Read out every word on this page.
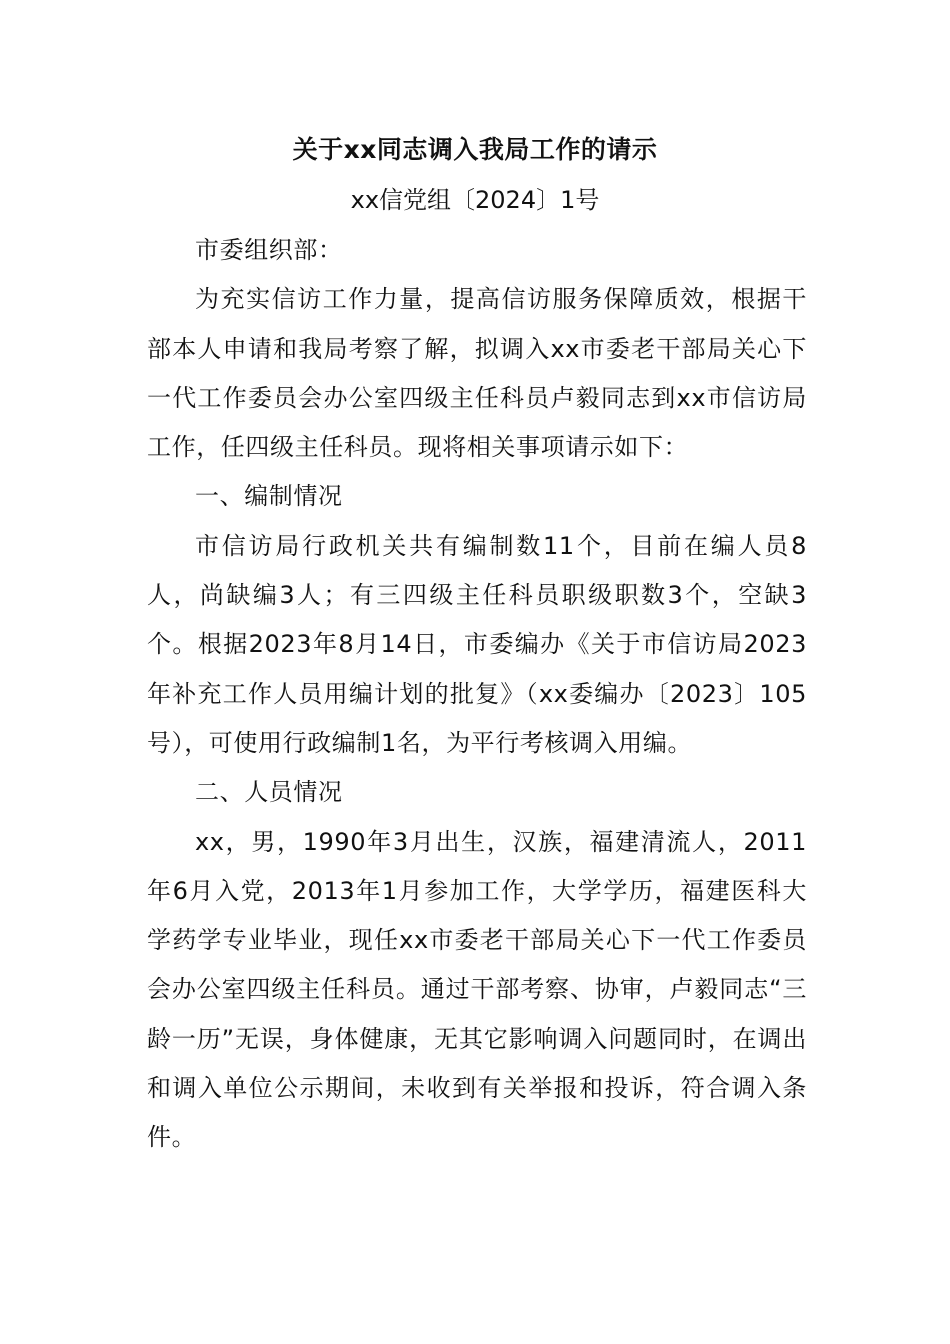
关于xx同志调入我局工作的请示
xx信党组〔2024〕1号

市委组织部：

为充实信访工作力量，提高信访服务保障质效，根据干部本人申请和我局考察了解，拟调入xx市委老干部局关心下一代工作委员会办公室四级主任科员卢毅同志到xx市信访局工作，任四级主任科员。现将相关事项请示如下：

一、编制情况

市信访局行政机关共有编制数11个，目前在编人员8人，尚缺编3人；有三四级主任科员职级职数3个，空缺3个。根据2023年8月14日，市委编办《关于市信访局2023年补充工作人员用编计划的批复》（xx委编办〔2023〕105号），可使用行政编制1名，为平行考核调入用编。

二、人员情况

xx，男，1990年3月出生，汉族，福建清流人，2011年6月入党，2013年1月参加工作，大学学历，福建医科大学药学专业毕业，现任xx市委老干部局关心下一代工作委员会办公室四级主任科员。通过干部考察、协审，卢毅同志“三龄一历”无误，身体健康，无其它影响调入问题同时，在调出和调入单位公示期间，未收到有关举报和投诉，符合调入条件。
